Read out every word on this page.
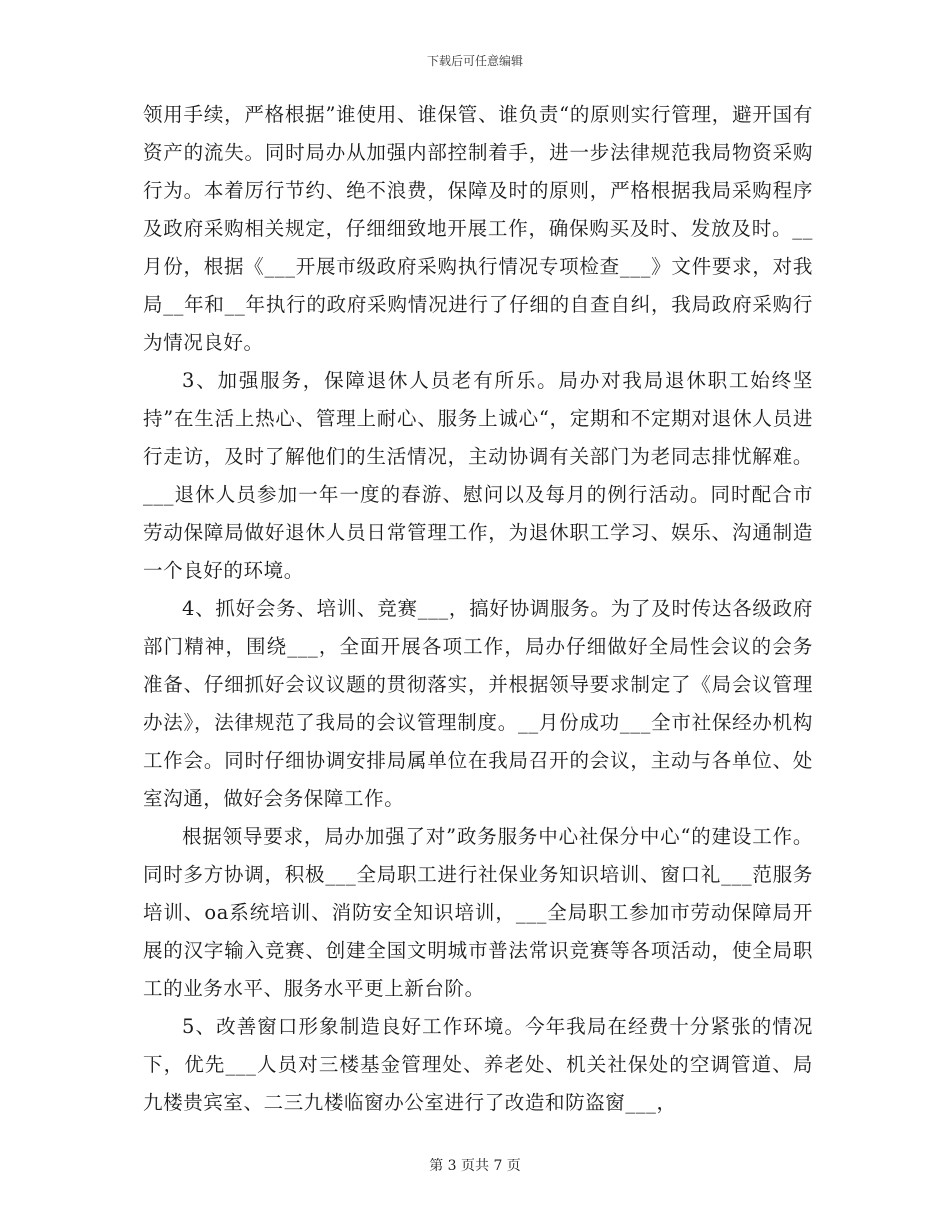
下载后可任意编辑

领用手续，严格根据”谁使用、谁保管、谁负责“的原则实行管理，避开国有资产的流失。同时局办从加强内部控制着手，进一步法律规范我局物资采购行为。本着厉行节约、绝不浪费，保障及时的原则，严格根据我局采购程序及政府采购相关规定，仔细细致地开展工作，确保购买及时、发放及时。__月份，根据《___开展市级政府采购执行情况专项检查___》文件要求，对我局__年和__年执行的政府采购情况进行了仔细的自查自纠，我局政府采购行为情况良好。

3、加强服务，保障退休人员老有所乐。局办对我局退休职工始终坚持”在生活上热心、管理上耐心、服务上诚心“，定期和不定期对退休人员进行走访，及时了解他们的生活情况，主动协调有关部门为老同志排忧解难。___退休人员参加一年一度的春游、慰问以及每月的例行活动。同时配合市劳动保障局做好退休人员日常管理工作，为退休职工学习、娱乐、沟通制造一个良好的环境。

4、抓好会务、培训、竞赛___，搞好协调服务。为了及时传达各级政府部门精神，围绕___，全面开展各项工作，局办仔细做好全局性会议的会务准备、仔细抓好会议议题的贯彻落实，并根据领导要求制定了《局会议管理办法》，法律规范了我局的会议管理制度。__月份成功___全市社保经办机构工作会。同时仔细协调安排局属单位在我局召开的会议，主动与各单位、处室沟通，做好会务保障工作。

根据领导要求，局办加强了对”政务服务中心社保分中心“的建设工作。同时多方协调，积极___全局职工进行社保业务知识培训、窗口礼___范服务培训、oa系统培训、消防安全知识培训，___全局职工参加市劳动保障局开展的汉字输入竞赛、创建全国文明城市普法常识竞赛等各项活动，使全局职工的业务水平、服务水平更上新台阶。

5、改善窗口形象制造良好工作环境。今年我局在经费十分紧张的情况下，优先___人员对三楼基金管理处、养老处、机关社保处的空调管道、局九楼贵宾室、二三九楼临窗办公室进行了改造和防盗窗___，

第 3 页共 7 页
